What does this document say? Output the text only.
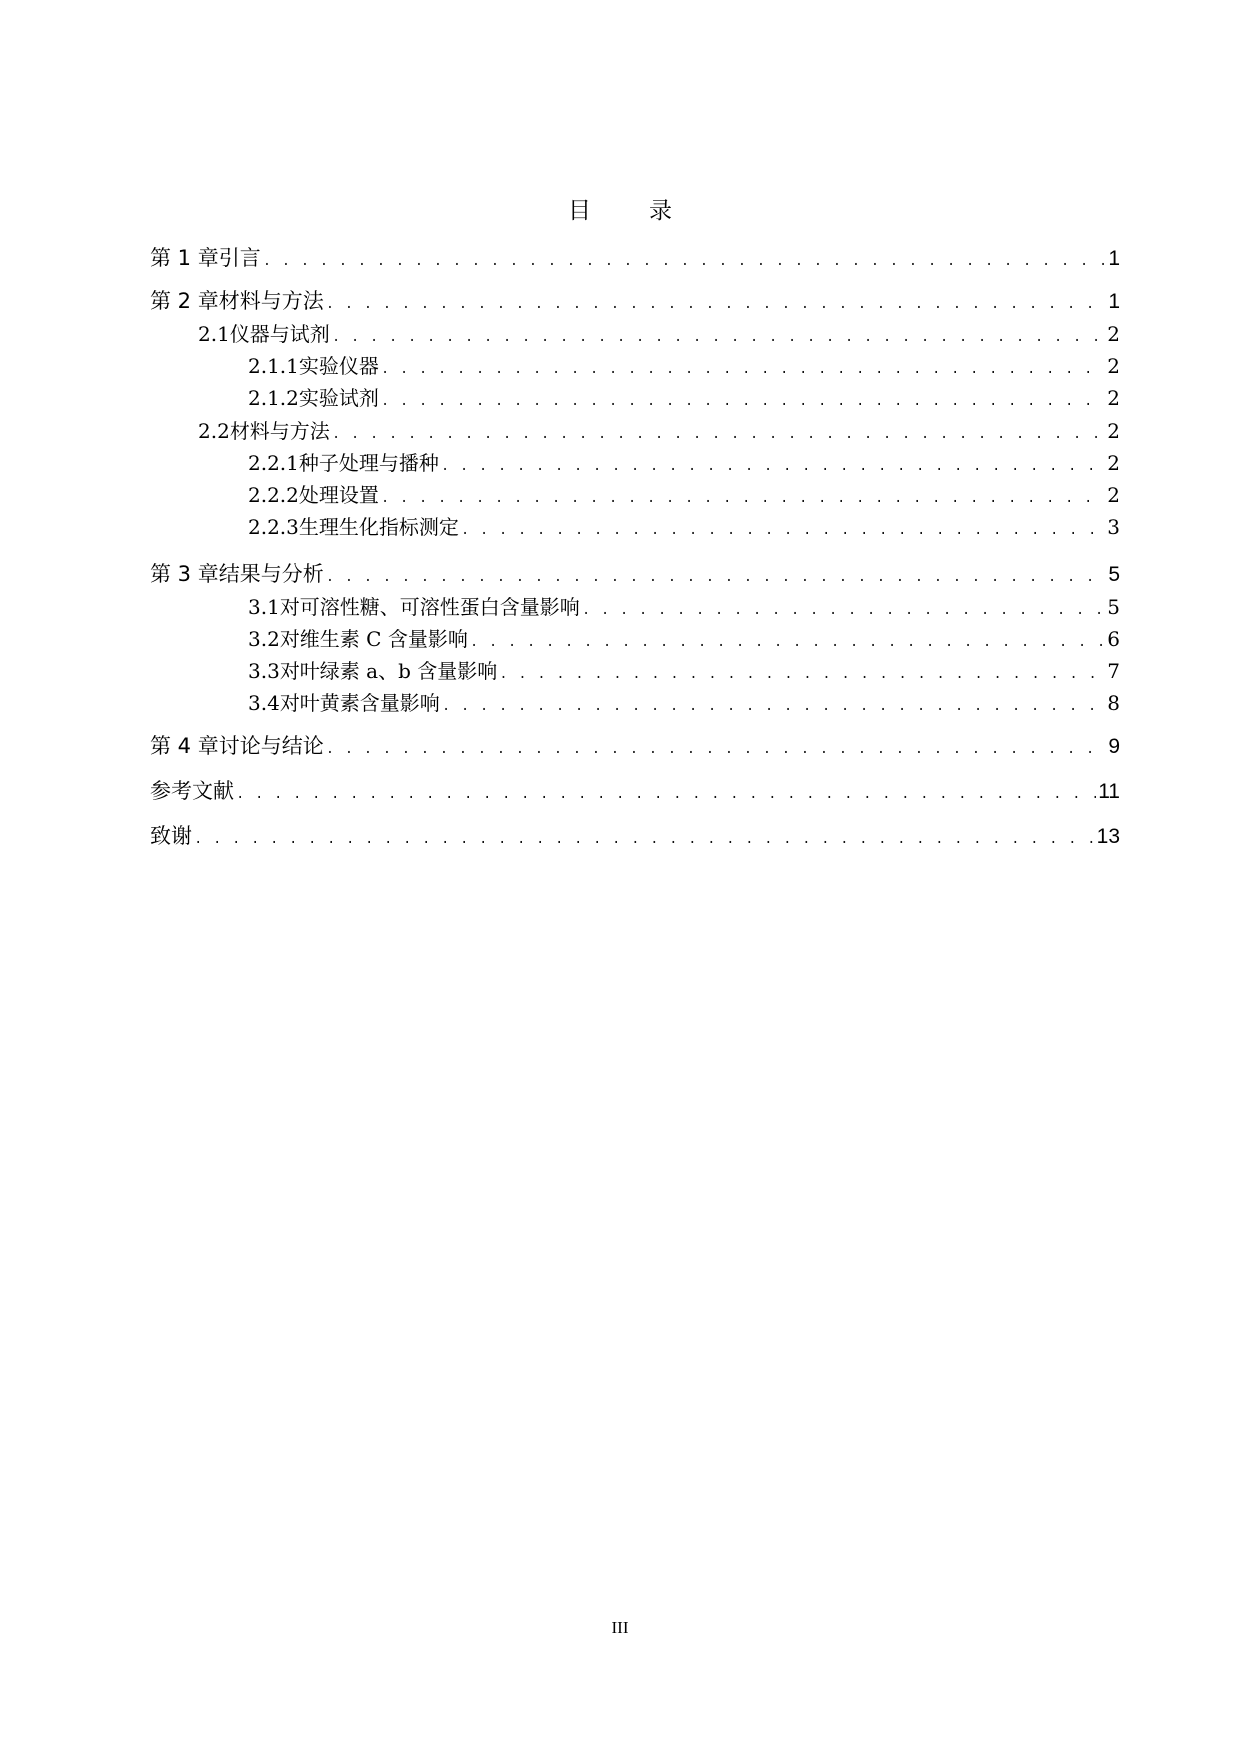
目	录
第 1 章 引言 . . .	1
第 2 章 材料与方法 . . .	1
2.1 仪器与试剂 . . .	2
2.1.1 实验仪器 . . .	2
2.1.2 实验试剂 . . .	2
2.2 材料与方法 . . .	2
2.2.1 种子处理与播种 . . .	2
2.2.2 处理设置 . . .	2
2.2.3 生理生化指标测定 . . .	3
第 3 章 结果与分析 . . .	5
3.1 对可溶性糖、可溶性蛋白含量影响 . . .	5
3.2 对维生素 C 含量影响 . . .	6
3.3 对叶绿素 a、b 含量影响 . . .	7
3.4 对叶黄素含量影响 . . .	8
第 4 章 讨论与结论 . . .	9
参考文献 . . .	11
致谢 . . .	13
III
